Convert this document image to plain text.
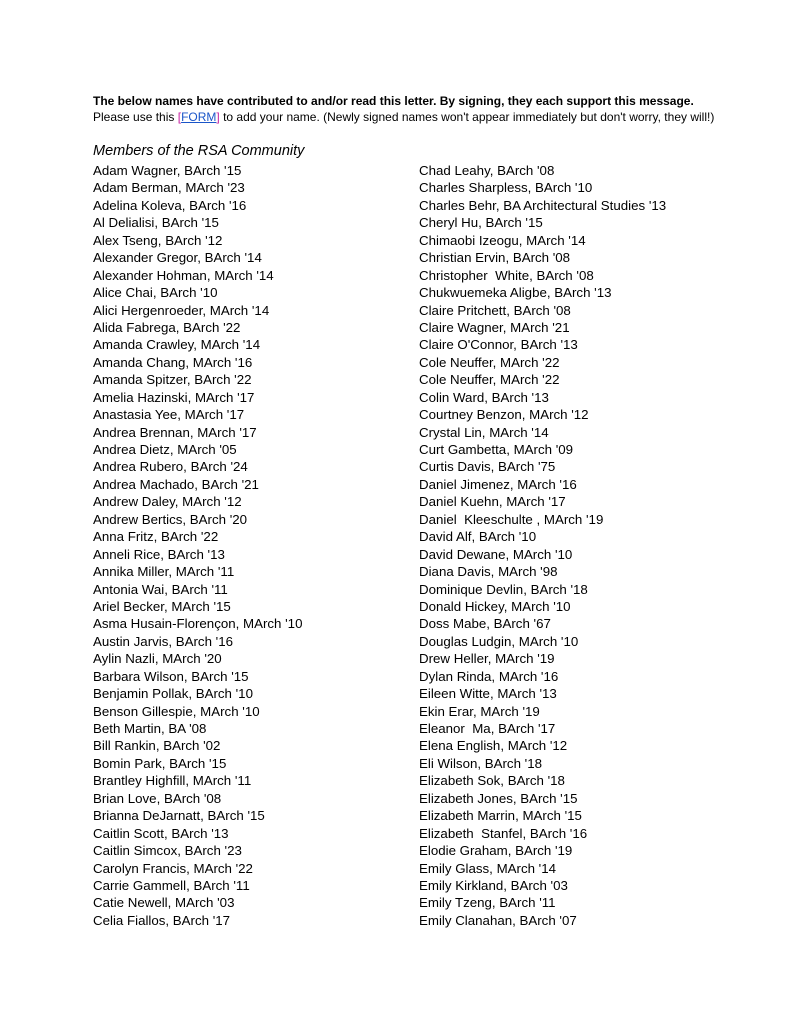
The below names have contributed to and/or read this letter. By signing, they each support this message.
Please use this [FORM] to add your name. (Newly signed names won't appear immediately but don't worry, they will!)
Members of the RSA Community
Adam Wagner, BArch '15
Adam Berman, MArch '23
Adelina Koleva, BArch '16
Al Delialisi, BArch '15
Alex Tseng, BArch '12
Alexander Gregor, BArch '14
Alexander Hohman, MArch '14
Alice Chai, BArch '10
Alici Hergenroeder, MArch '14
Alida Fabrega, BArch '22
Amanda Crawley, MArch '14
Amanda Chang, MArch '16
Amanda Spitzer, BArch '22
Amelia Hazinski, MArch '17
Anastasia Yee, MArch '17
Andrea Brennan, MArch '17
Andrea Dietz, MArch '05
Andrea Rubero, BArch '24
Andrea Machado, BArch '21
Andrew Daley, MArch '12
Andrew Bertics, BArch '20
Anna Fritz, BArch '22
Anneli Rice, BArch '13
Annika Miller, MArch '11
Antonia Wai, BArch '11
Ariel Becker, MArch '15
Asma Husain-Florençon, MArch '10
Austin Jarvis, BArch '16
Aylin Nazli, MArch '20
Barbara Wilson, BArch '15
Benjamin Pollak, BArch '10
Benson Gillespie, MArch '10
Beth Martin, BA '08
Bill Rankin, BArch '02
Bomin Park, BArch '15
Brantley Highfill, MArch '11
Brian Love, BArch '08
Brianna DeJarnatt, BArch '15
Caitlin Scott, BArch '13
Caitlin Simcox, BArch '23
Carolyn Francis, MArch '22
Carrie Gammell, BArch '11
Catie Newell, MArch '03
Celia Fiallos, BArch '17
Chad Leahy, BArch '08
Charles Sharpless, BArch '10
Charles Behr, BA Architectural Studies '13
Cheryl Hu, BArch '15
Chimaobi Izeogu, MArch '14
Christian Ervin, BArch '08
Christopher  White, BArch '08
Chukwuemeka Aligbe, BArch '13
Claire Pritchett, BArch '08
Claire Wagner, MArch '21
Claire O'Connor, BArch '13
Cole Neuffer, MArch '22
Cole Neuffer, MArch '22
Colin Ward, BArch '13
Courtney Benzon, MArch '12
Crystal Lin, MArch '14
Curt Gambetta, MArch '09
Curtis Davis, BArch '75
Daniel Jimenez, MArch '16
Daniel Kuehn, MArch '17
Daniel  Kleeschulte , MArch '19
David Alf, BArch '10
David Dewane, MArch '10
Diana Davis, MArch '98
Dominique Devlin, BArch '18
Donald Hickey, MArch '10
Doss Mabe, BArch '67
Douglas Ludgin, MArch '10
Drew Heller, MArch '19
Dylan Rinda, MArch '16
Eileen Witte, MArch '13
Ekin Erar, MArch '19
Eleanor  Ma, BArch '17
Elena English, MArch '12
Eli Wilson, BArch '18
Elizabeth Sok, BArch '18
Elizabeth Jones, BArch '15
Elizabeth Marrin, MArch '15
Elizabeth  Stanfel, BArch '16
Elodie Graham, BArch '19
Emily Glass, MArch '14
Emily Kirkland, BArch '03
Emily Tzeng, BArch '11
Emily Clanahan, BArch '07
